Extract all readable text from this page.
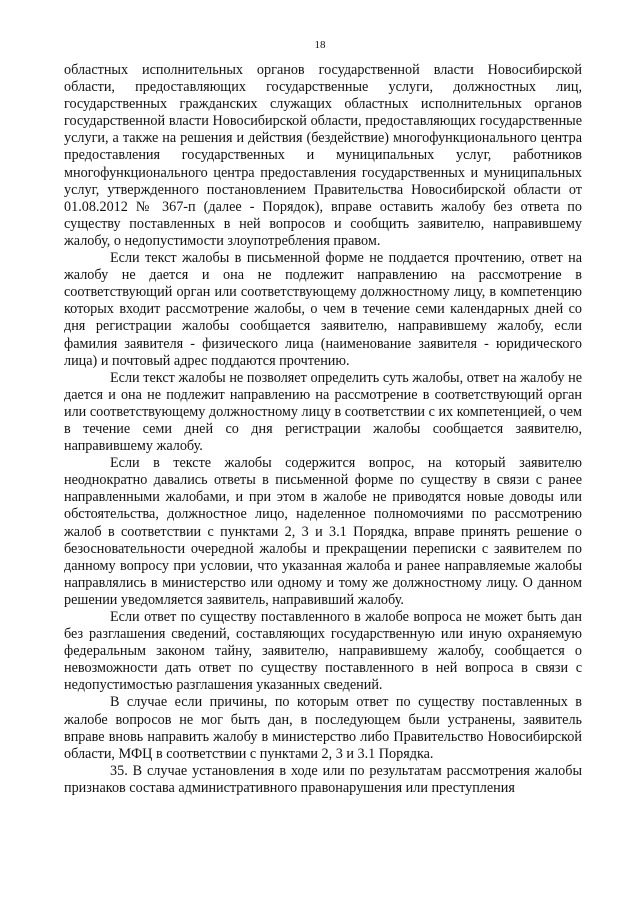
18

областных исполнительных органов государственной власти Новосибирской области, предоставляющих государственные услуги, должностных лиц, государственных гражданских служащих областных исполнительных органов государственной власти Новосибирской области, предоставляющих государственные услуги, а также на решения и действия (бездействие) многофункционального центра предоставления государственных и муниципальных услуг, работников многофункционального центра предоставления государственных и муниципальных услуг, утвержденного постановлением Правительства Новосибирской области от 01.08.2012 № 367-п (далее - Порядок), вправе оставить жалобу без ответа по существу поставленных в ней вопросов и сообщить заявителю, направившему жалобу, о недопустимости злоупотребления правом.

Если текст жалобы в письменной форме не поддается прочтению, ответ на жалобу не дается и она не подлежит направлению на рассмотрение в соответствующий орган или соответствующему должностному лицу, в компетенцию которых входит рассмотрение жалобы, о чем в течение семи календарных дней со дня регистрации жалобы сообщается заявителю, направившему жалобу, если фамилия заявителя - физического лица (наименование заявителя - юридического лица) и почтовый адрес поддаются прочтению.

Если текст жалобы не позволяет определить суть жалобы, ответ на жалобу не дается и она не подлежит направлению на рассмотрение в соответствующий орган или соответствующему должностному лицу в соответствии с их компетенцией, о чем в течение семи дней со дня регистрации жалобы сообщается заявителю, направившему жалобу.

Если в тексте жалобы содержится вопрос, на который заявителю неоднократно давались ответы в письменной форме по существу в связи с ранее направленными жалобами, и при этом в жалобе не приводятся новые доводы или обстоятельства, должностное лицо, наделенное полномочиями по рассмотрению жалоб в соответствии с пунктами 2, 3 и 3.1 Порядка, вправе принять решение о безосновательности очередной жалобы и прекращении переписки с заявителем по данному вопросу при условии, что указанная жалоба и ранее направляемые жалобы направлялись в министерство или одному и тому же должностному лицу. О данном решении уведомляется заявитель, направивший жалобу.

Если ответ по существу поставленного в жалобе вопроса не может быть дан без разглашения сведений, составляющих государственную или иную охраняемую федеральным законом тайну, заявителю, направившему жалобу, сообщается о невозможности дать ответ по существу поставленного в ней вопроса в связи с недопустимостью разглашения указанных сведений.

В случае если причины, по которым ответ по существу поставленных в жалобе вопросов не мог быть дан, в последующем были устранены, заявитель вправе вновь направить жалобу в министерство либо Правительство Новосибирской области, МФЦ в соответствии с пунктами 2, 3 и 3.1 Порядка.

35. В случае установления в ходе или по результатам рассмотрения жалобы признаков состава административного правонарушения или преступления
